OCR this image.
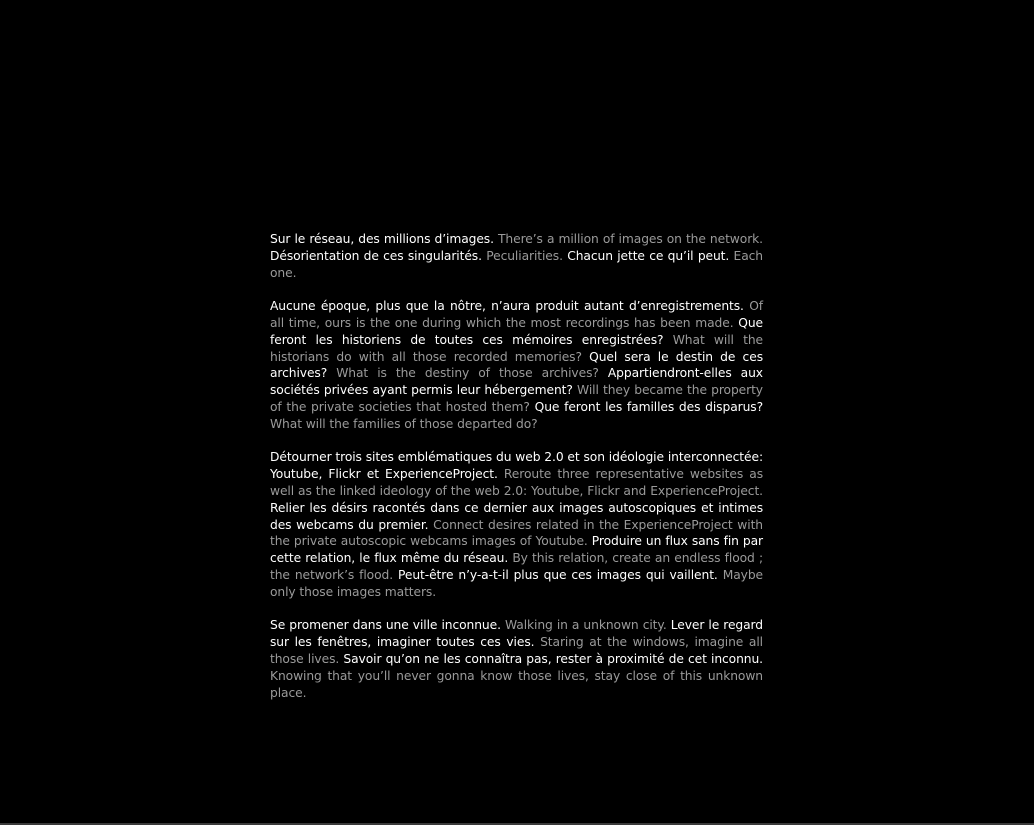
Sur le réseau, des millions d’images. There’s a million of images on the network. Désorientation de ces singularités. Peculiarities. Chacun jette ce qu’il peut. Each one.

Aucune époque, plus que la nôtre, n’aura produit autant d’enregistrements. Of all time, ours is the one during which the most recordings has been made. Que feront les historiens de toutes ces mémoires enregistrées? What will the historians do with all those recorded memories? Quel sera le destin de ces archives? What is the destiny of those archives? Appartiendront-elles aux sociétés privées ayant permis leur hébergement? Will they became the property of the private societies that hosted them? Que feront les familles des disparus? What will the families of those departed do?

Détourner trois sites emblématiques du web 2.0 et son idéologie interconnectée: Youtube, Flickr et ExperienceProject. Reroute three representative websites as well as the linked ideology of the web 2.0: Youtube, Flickr and ExperienceProject. Relier les désirs racontés dans ce dernier aux images autoscopiques et intimes des webcams du premier. Connect desires related in the ExperienceProject with the private autoscopic webcams images of Youtube. Produire un flux sans fin par cette relation, le flux même du réseau. By this relation, create an endless flood ; the network’s flood. Peut-être n’y-a-t-il plus que ces images qui vaillent. Maybe only those images matters.

Se promener dans une ville inconnue. Walking in a unknown city. Lever le regard sur les fenêtres, imaginer toutes ces vies. Staring at the windows, imagine all those lives. Savoir qu’on ne les connaîtra pas, rester à proximité de cet inconnu. Knowing that you’ll never gonna know those lives, stay close of this unknown place.
